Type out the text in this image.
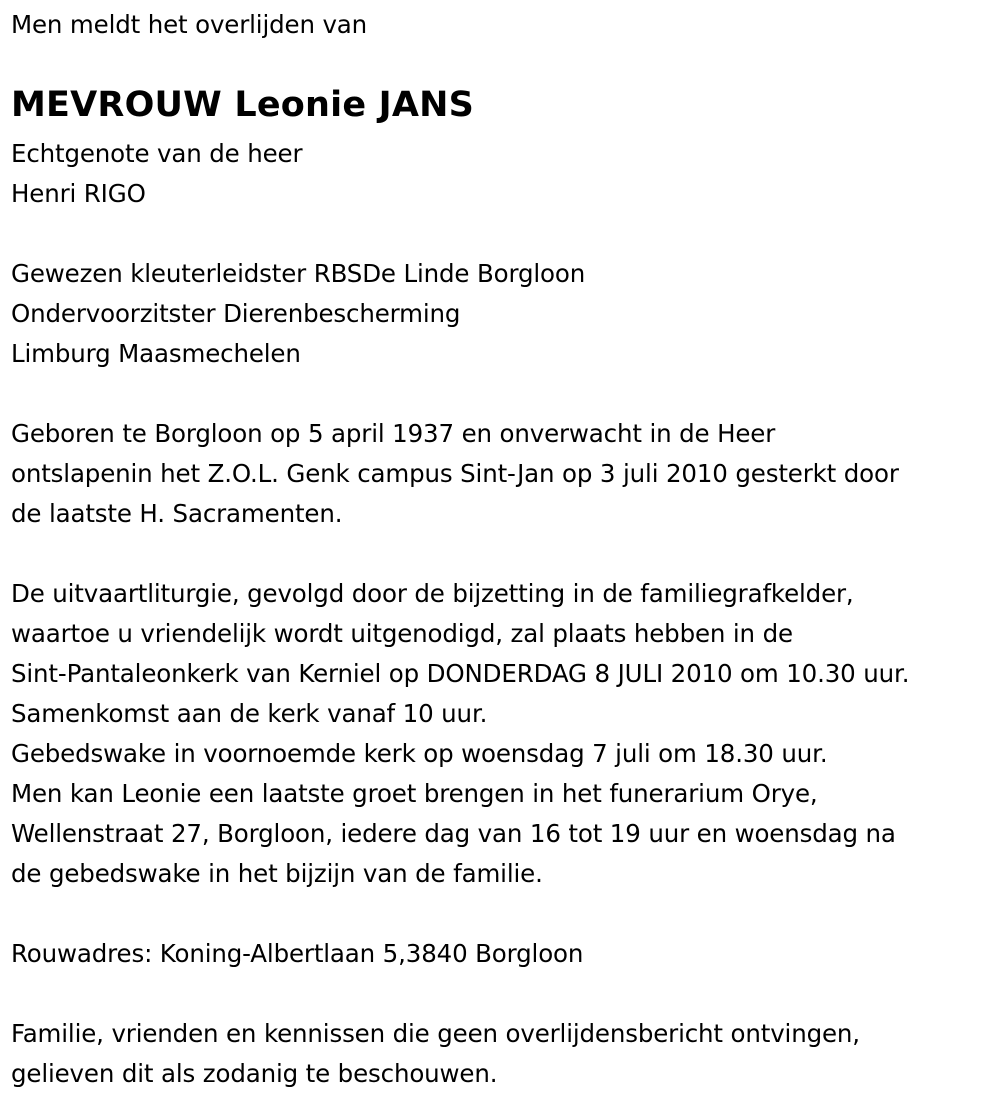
Men meldt het overlijden van
MEVROUW Leonie JANS
Echtgenote van de heer
Henri RIGO
Gewezen kleuterleidster RBSDe Linde Borgloon
Ondervoorzitster Dierenbescherming
Limburg Maasmechelen
Geboren te Borgloon op 5 april 1937 en onverwacht in de Heer
ontslapenin het Z.O.L. Genk campus Sint-Jan op 3 juli 2010 gesterkt door
de laatste H. Sacramenten.
De uitvaartliturgie, gevolgd door de bijzetting in de familiegrafkelder,
waartoe u vriendelijk wordt uitgenodigd, zal plaats hebben in de
Sint-Pantaleonkerk van Kerniel op DONDERDAG 8 JULI 2010 om 10.30 uur.
Samenkomst aan de kerk vanaf 10 uur.
Gebedswake in voornoemde kerk op woensdag 7 juli om 18.30 uur.
Men kan Leonie een laatste groet brengen in het funerarium Orye,
Wellenstraat 27, Borgloon, iedere dag van 16 tot 19 uur en woensdag na
de gebedswake in het bijzijn van de familie.
Rouwadres: Koning-Albertlaan 5,3840 Borgloon
Familie, vrienden en kennissen die geen overlijdensbericht ontvingen,
gelieven dit als zodanig te beschouwen.
